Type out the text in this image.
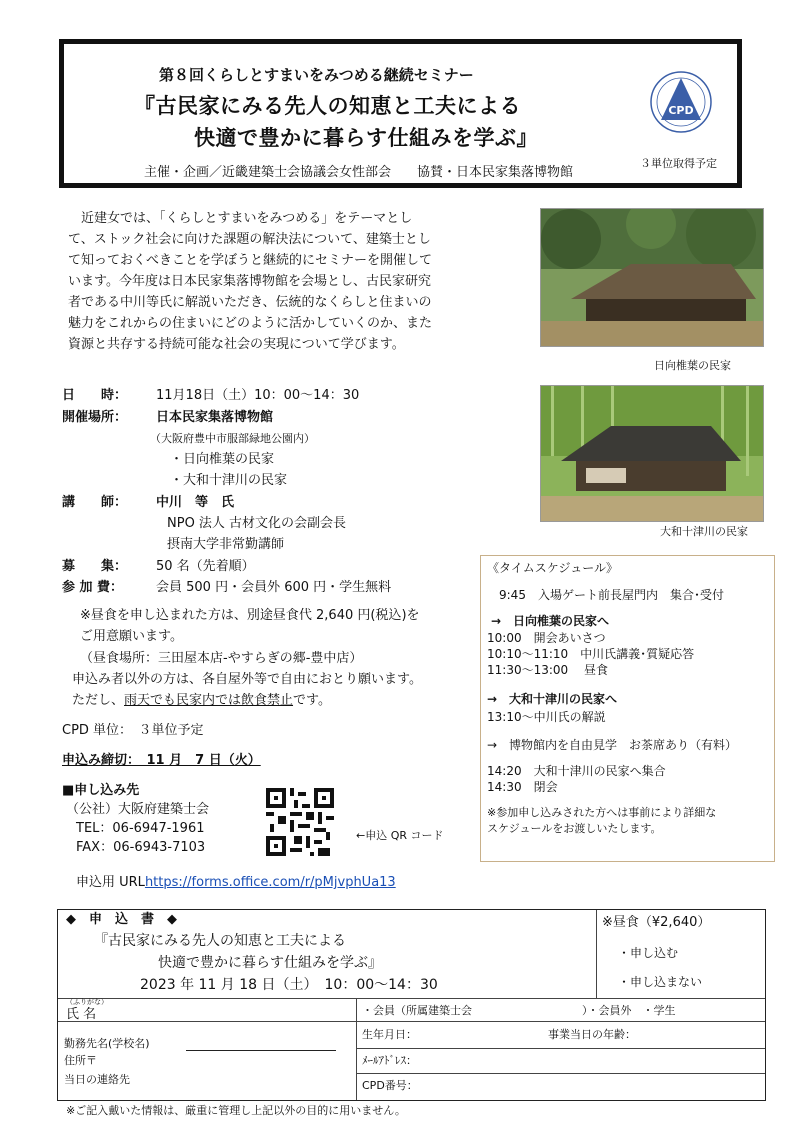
第８回くらしとすまいをみつめる継続セミナー
『古民家にみる先人の知恵と工夫による
快適で豊かに暮らす仕組みを学ぶ』
主催・企画／近畿建築士会協議会女性部会　　協賛・日本民家集落博物館
CPD
３単位取得予定
　近建女では、「くらしとすまいをみつめる」をテーマとし
て、ストック社会に向けた課題の解決法について、建築士とし
て知っておくべきことを学ぼうと継続的にセミナーを開催して
います。今年度は日本民家集落博物館を会場とし、古民家研究
者である中川等氏に解説いただき、伝統的なくらしと住まいの
魅力をこれからの住まいにどのように活かしていくのか、また
資源と共存する持続可能な社会の実現について学びます。
日向椎葉の民家
大和十津川の民家
日　　時： 11月18日（土）10：00～14：30
開催場所： 日本民家集落博物館
（大阪府豊中市服部緑地公園内）
・日向椎葉の民家
・大和十津川の民家
講　　師： 中川　等　氏
NPO 法人 古材文化の会副会長
摂南大学非常勤講師
募　　集： 50 名（先着順）
参 加 費：	会員 500 円・会員外 600 円・学生無料
※昼食を申し込まれた方は、別途昼食代 2,640 円(税込)を
ご用意願います。
（昼食場所：三田屋本店-やすらぎの郷-豊中店）
申込み者以外の方は、各自屋外等で自由におとり願います。
ただし、雨天でも民家内では飲食禁止です。
CPD 単位：　３単位予定
申込み締切：　11 月　7 日（火）
■申し込み先
（公社）大阪府建築士会
TEL：06-6947-1961
FAX：06-6943-7103
←申込 QR コード
申込用 URLhttps://forms.office.com/r/pMjvphUa13
《タイムスケジュール》
　9:45　入場ゲート前長屋門内　集合･受付
→　日向椎葉の民家へ
10:00　開会あいさつ
10:10～11:10　中川氏講義･質疑応答
11:30～13:00　 昼食
→　大和十津川の民家へ
13:10～中川氏の解説
→　博物館内を自由見学　お茶席あり（有料）
14:20　大和十津川の民家へ集合
14:30　閉会
※参加申し込みされた方へは事前により詳細な
スケジュールをお渡しいたします。
◆　申　込　書　◆
『古民家にみる先人の知恵と工夫による
快適で豊かに暮らす仕組みを学ぶ』
2023 年 11 月 18 日（土）　10：00～14：30
※昼食（¥2,640）
・申し込む
・申し込まない
（ふりがな）
氏 名	・会員（所属建築士会　　　　　　　　　　）・会員外　・学生
勤務先名(学校名)
住所〒
当日の連絡先
生年月日：	事業当日の年齢：
ﾒｰﾙｱﾄﾞﾚｽ：
CPD番号：
※ご記入戴いた情報は、厳重に管理し上記以外の目的に用いません。
